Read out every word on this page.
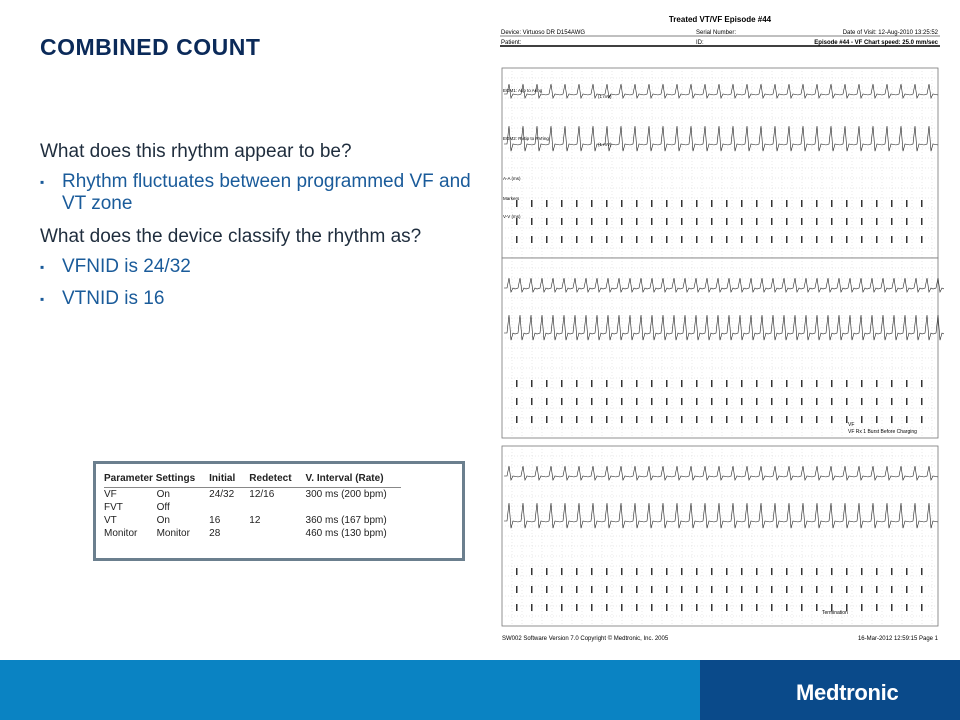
COMBINED COUNT
What does this rhythm appear to be?
▪ Rhythm fluctuates between programmed VF and VT zone
What does the device classify the rhythm as?
▪ VFNID is 24/32
▪ VTNID is 16
Parameter Settings		Initial	Redetect	V. Interval (Rate)
VF	On	24/32	12/16	300 ms (200 bpm)
FVT	Off			
VT	On	16	12	360 ms (167 bpm)
Monitor	Monitor	28		460 ms (130 bpm)
Treated VT/VF Episode #44
Device: Virtuoso DR D154AWG	Serial Number:	Date of Visit: 12-Aug-2010 13:25:52
Patient:	ID:	Episode #44 - VF Chart speed: 25.0 mm/sec
EGM1: Atip to Aring
EGM2: RVtip to RVring
A-A (ms)
Markers
V-V (ms)
(1 mV)
(1 mV)
VF
VF Rx 1 Burst Before Charging
Termination
SW002 Software Version 7.0 Copyright © Medtronic, Inc. 2005	16-Mar-2012 12:59:15 Page 1
Medtronic
